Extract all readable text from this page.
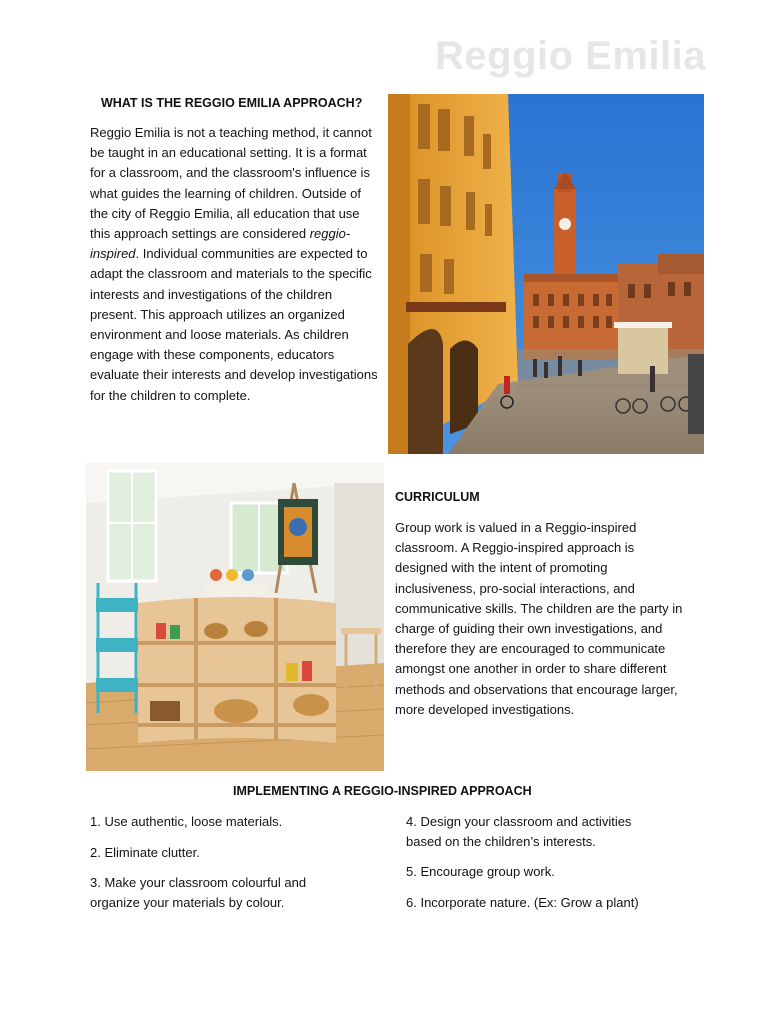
Reggio Emilia
WHAT IS THE REGGIO EMILIA APPROACH?

Reggio Emilia is not a teaching method, it cannot be taught in an educational setting. It is a format for a classroom, and the classroom's influence is what guides the learning of children. Outside of the city of Reggio Emilia, all education that use this approach settings are considered reggio-inspired. Individual communities are expected to adapt the classroom and materials to the specific interests and investigations of the children present. This approach utilizes an organized environment and loose materials. As children engage with these components, educators evaluate their interests and develop investigations for the children to complete.

CURRICULUM

Group work is valued in a Reggio-inspired classroom. A Reggio-inspired approach is designed with the intent of promoting inclusiveness, pro-social interactions, and communicative skills. The children are the party in charge of guiding their own investigations, and therefore they are encouraged to communicate amongst one another in order to share different methods and observations that encourage larger, more developed investigations.

IMPLEMENTING A REGGIO-INSPIRED APPROACH
1. Use authentic, loose materials.
2. Eliminate clutter.
3. Make your classroom colourful and organize your materials by colour.
4. Design your classroom and activities based on the children’s interests.
5. Encourage group work.
6. Incorporate nature. (Ex: Grow a plant)
